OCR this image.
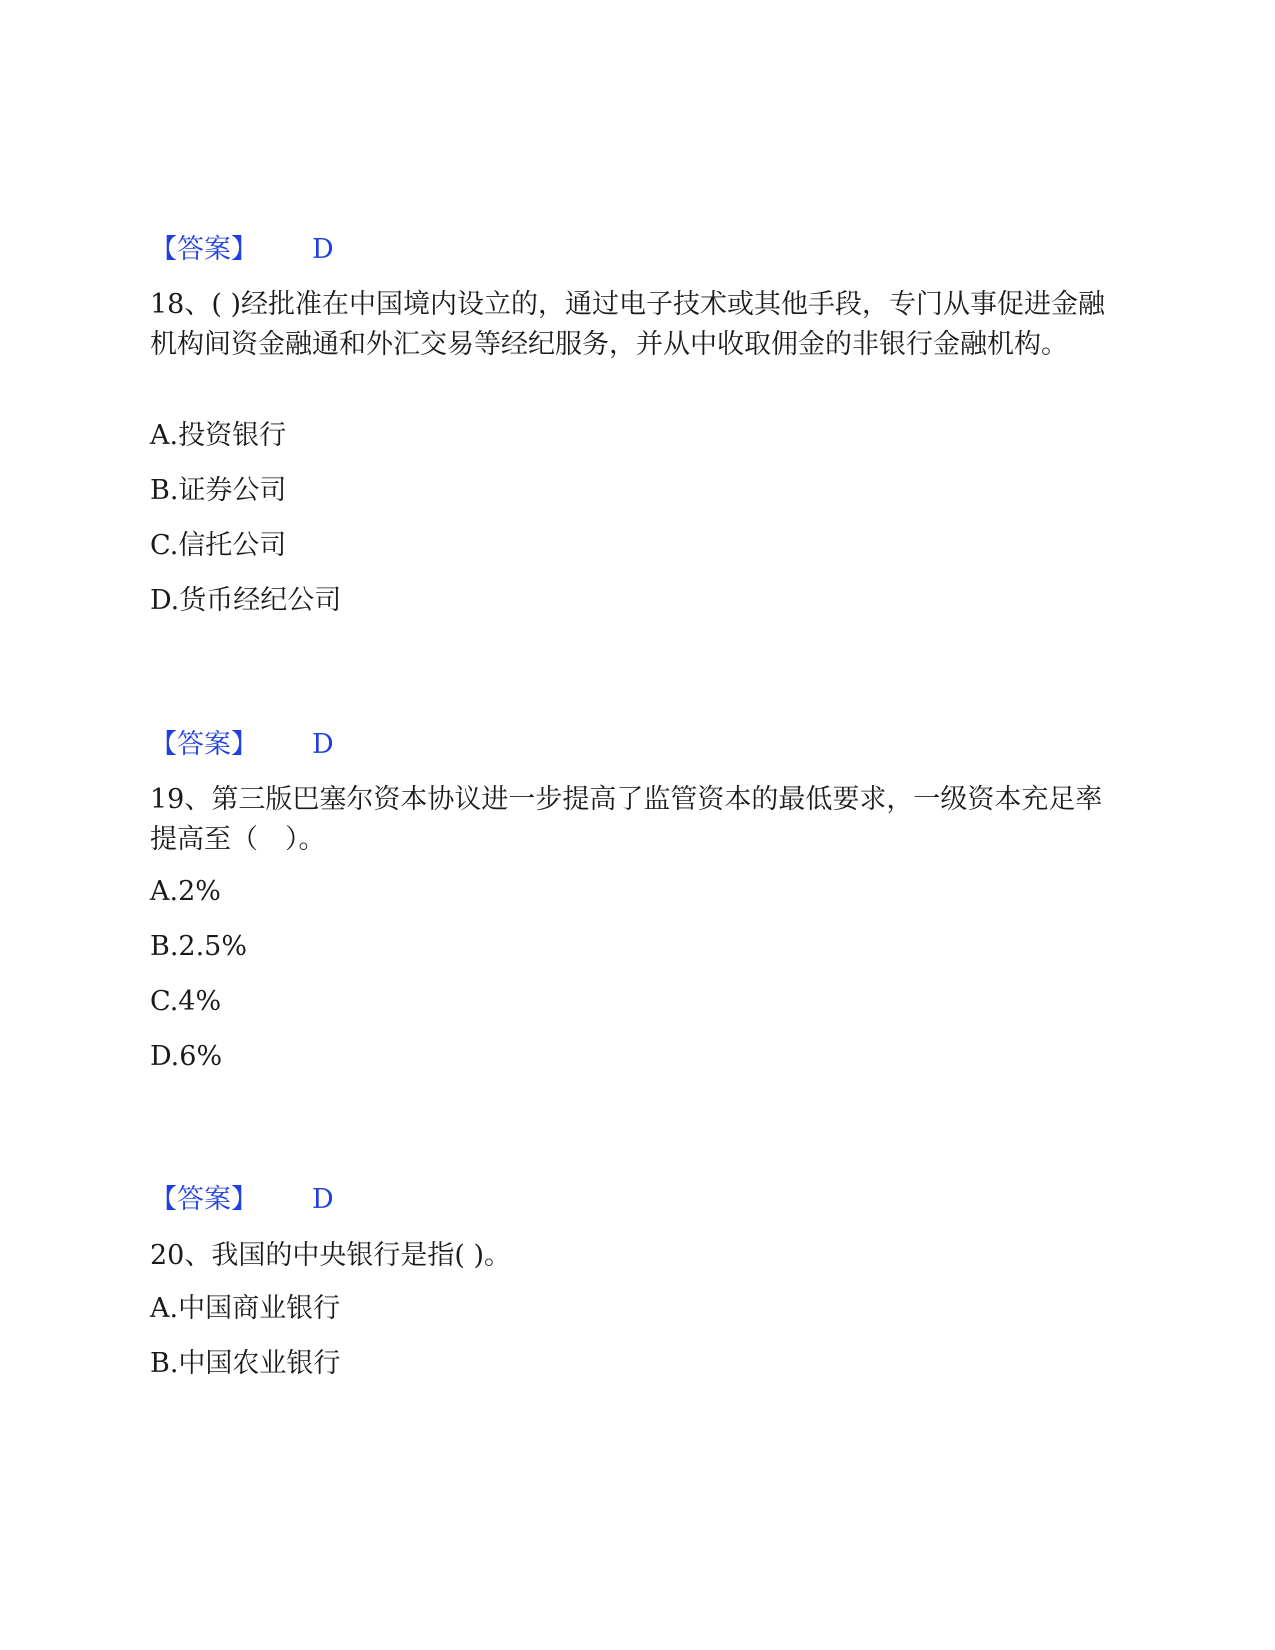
【答案】 D
18、( )经批准在中国境内设立的，通过电子技术或其他手段，专门从事促进金融机构间资金融通和外汇交易等经纪服务，并从中收取佣金的非银行金融机构。
A.投资银行
B.证券公司
C.信托公司
D.货币经纪公司
【答案】 D
19、第三版巴塞尔资本协议进一步提高了监管资本的最低要求，一级资本充足率提高至（　）。
A.2%
B.2.5%
C.4%
D.6%
【答案】 D
20、我国的中央银行是指( )。
A.中国商业银行
B.中国农业银行
